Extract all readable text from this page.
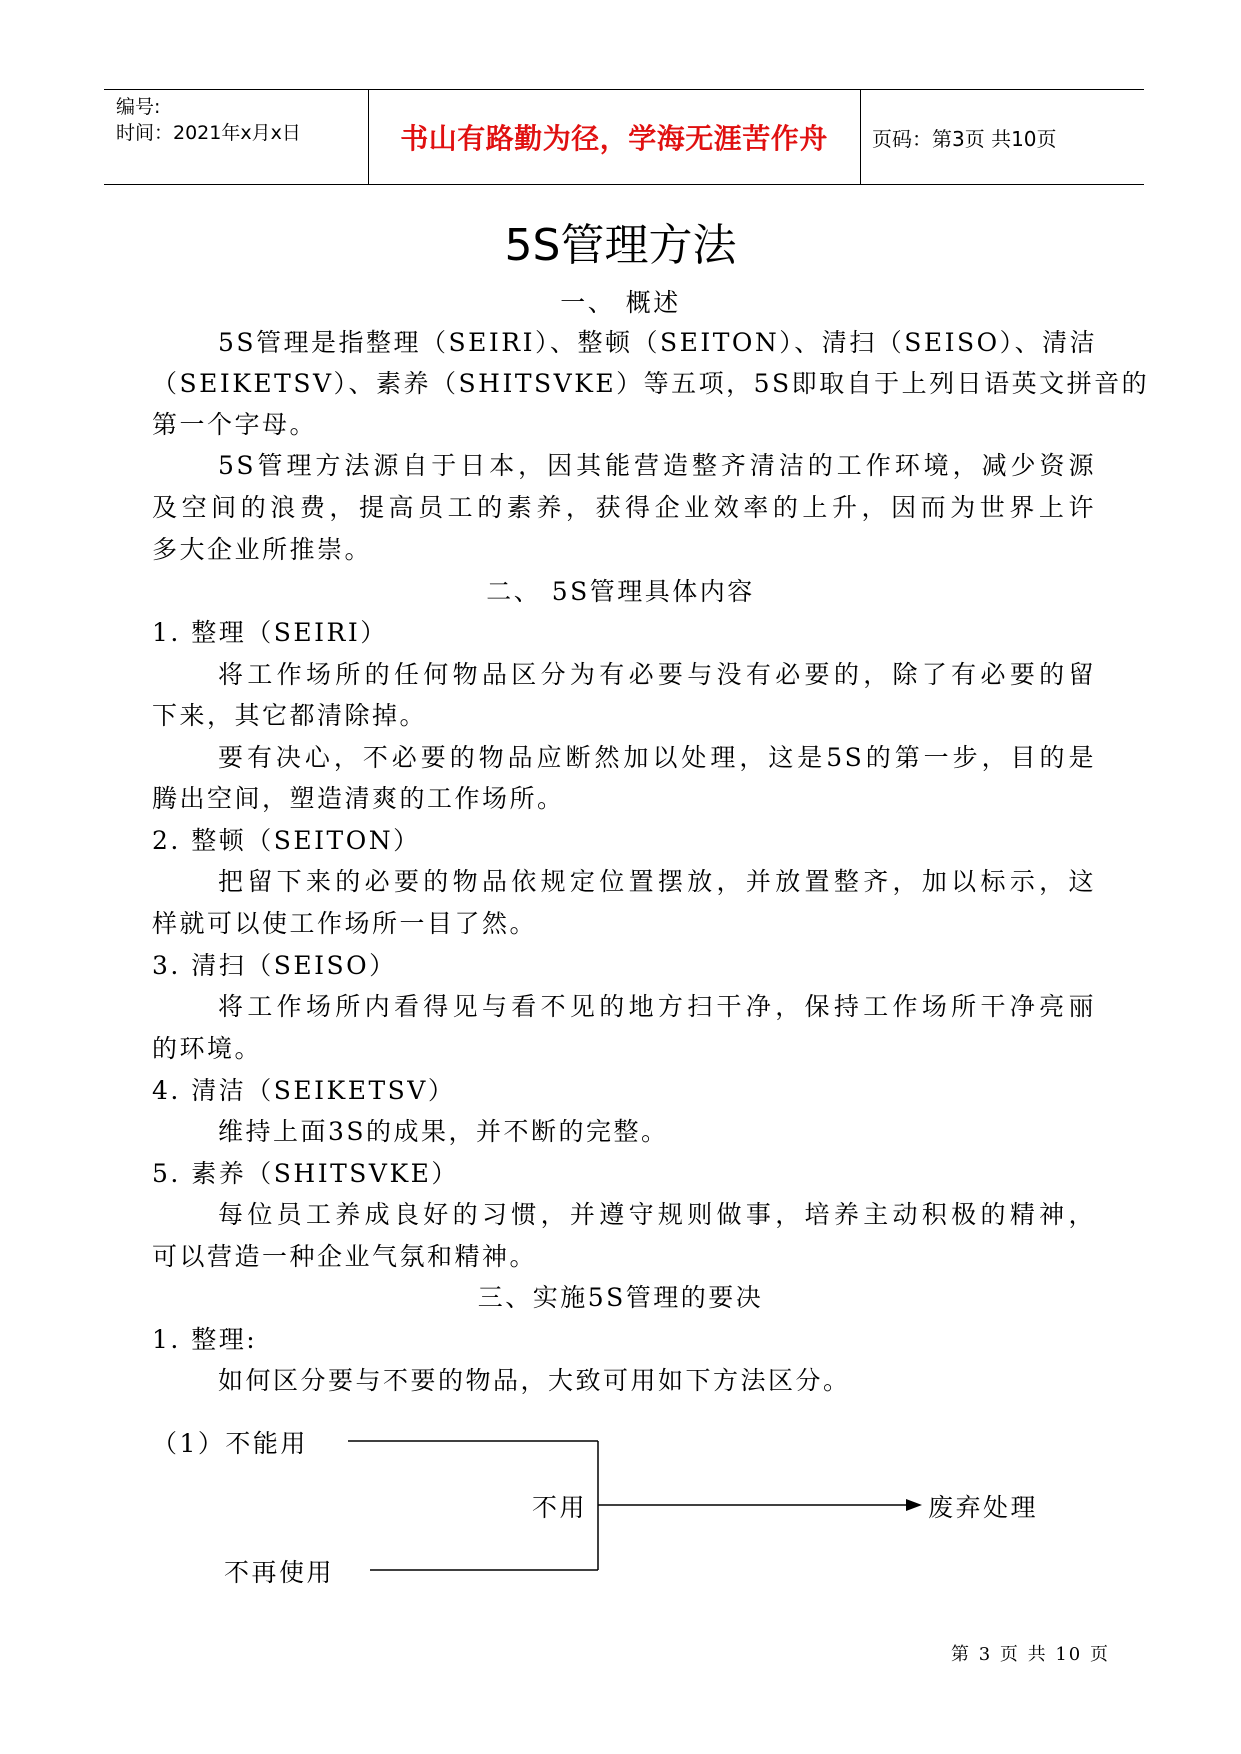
编号:
时间：2021年x月x日	书山有路勤为径，学海无涯苦作舟	页码：第3页 共10页
5S管理方法
一、 概述
5S管理是指整理（SEIRI）、整顿（SEITON）、清扫（SEISO）、清洁
（SEIKETSV）、素养（SHITSVKE）等五项，5S即取自于上列日语英文拼音的
第一个字母。
5S管理方法源自于日本，因其能营造整齐清洁的工作环境，减少资源
及空间的浪费，提高员工的素养，获得企业效率的上升，因而为世界上许
多大企业所推崇。
二、 5S管理具体内容
1. 整理（SEIRI）
将工作场所的任何物品区分为有必要与没有必要的，除了有必要的留
下来，其它都清除掉。
要有决心，不必要的物品应断然加以处理，这是5S的第一步，目的是
腾出空间，塑造清爽的工作场所。
2. 整顿（SEITON）
把留下来的必要的物品依规定位置摆放，并放置整齐，加以标示，这
样就可以使工作场所一目了然。
3. 清扫（SEISO）
将工作场所内看得见与看不见的地方扫干净，保持工作场所干净亮丽
的环境。
4. 清洁（SEIKETSV）
维持上面3S的成果，并不断的完整。
5. 素养（SHITSVKE）
每位员工养成良好的习惯，并遵守规则做事，培养主动积极的精神，
可以营造一种企业气氛和精神。
三、实施5S管理的要决
1. 整理:
如何区分要与不要的物品，大致可用如下方法区分。
（1）不能用
不再使用
不用	废弃处理
第 3 页 共 10 页
